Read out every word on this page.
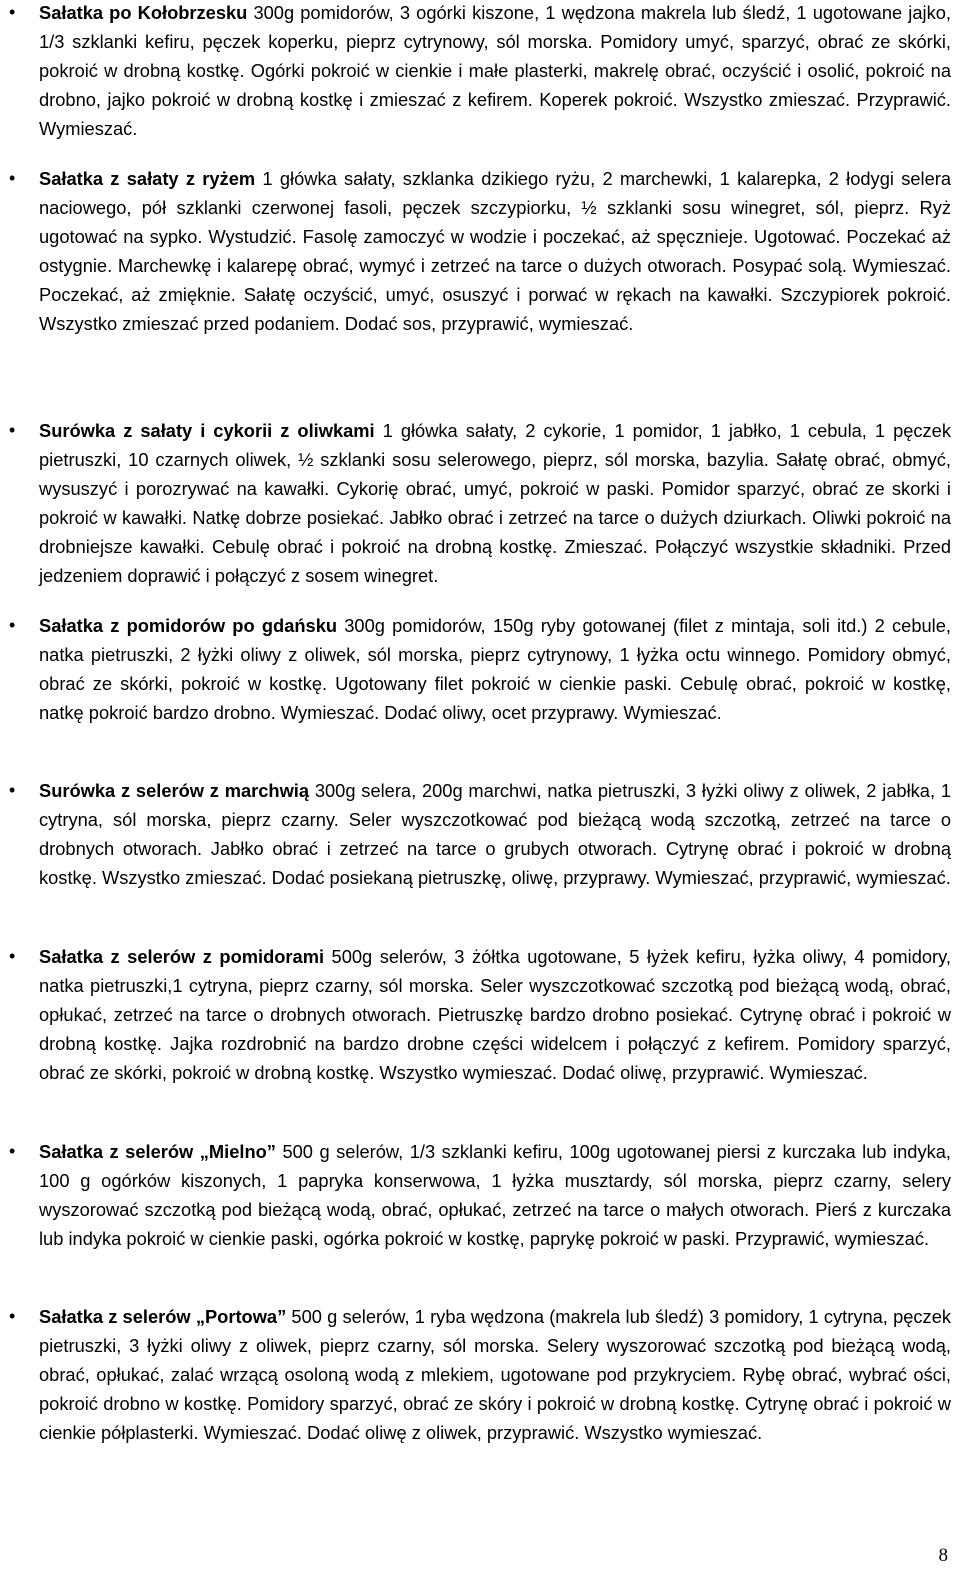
• Sałatka po Kołobrzesku 300g pomidorów, 3 ogórki kiszone, 1 wędzona makrela lub śledź, 1 ugotowane jajko, 1/3 szklanki kefiru, pęczek koperku, pieprz cytrynowy, sól morska. Pomidory umyć, sparzyć, obrać ze skórki, pokroić w drobną kostkę. Ogórki pokroić w cienkie i małe plasterki, makrelę obrać, oczyścić i osolić, pokroić na drobno, jajko pokroić w drobną kostkę i zmieszać z kefirem. Koperek pokroić. Wszystko zmieszać. Przyprawić. Wymieszać.
• Sałatka z sałaty z ryżem 1 główka sałaty, szklanka dzikiego ryżu, 2 marchewki, 1 kalarepka, 2 łodygi selera naciowego, pół szklanki czerwonej fasoli, pęczek szczypiorku, ½ szklanki sosu winegret, sól, pieprz. Ryż ugotować na sypko. Wystudzić. Fasolę zamoczyć w wodzie i poczekać, aż spęcznieje. Ugotować. Poczekać aż ostygnie. Marchewkę i kalarepę obrać, wymyć i zetrzeć na tarce o dużych otworach. Posypać solą. Wymieszać. Poczekać, aż zmięknie. Sałatę oczyścić, umyć, osuszyć i porwać w rękach na kawałki. Szczypiorek pokroić. Wszystko zmieszać przed podaniem. Dodać sos, przyprawić, wymieszać.
• Surówka z sałaty i cykorii z oliwkami 1 główka sałaty, 2 cykorie, 1 pomidor, 1 jabłko, 1 cebula, 1 pęczek pietruszki, 10 czarnych oliwek, ½ szklanki sosu selerowego, pieprz, sól morska, bazylia. Sałatę obrać, obmyć, wysuszyć i porozrywać na kawałki. Cykorię obrać, umyć, pokroić w paski. Pomidor sparzyć, obrać ze skorki i pokroić w kawałki. Natkę dobrze posiekać. Jabłko obrać i zetrzeć na tarce o dużych dziurkach. Oliwki pokroić na drobniejsze kawałki. Cebulę obrać i pokroić na drobną kostkę. Zmieszać. Połączyć wszystkie składniki. Przed jedzeniem doprawić i połączyć z sosem winegret.
• Sałatka z pomidorów po gdańsku 300g pomidorów, 150g ryby gotowanej (filet z mintaja, soli itd.) 2 cebule, natka pietruszki, 2 łyżki oliwy z oliwek, sól morska, pieprz cytrynowy, 1 łyżka octu winnego. Pomidory obmyć, obrać ze skórki, pokroić w kostkę. Ugotowany filet pokroić w cienkie paski. Cebulę obrać, pokroić w kostkę, natkę pokroić bardzo drobno. Wymieszać. Dodać oliwy, ocet przyprawy. Wymieszać.
• Surówka z selerów z marchwią 300g selera, 200g marchwi, natka pietruszki, 3 łyżki oliwy z oliwek, 2 jabłka, 1 cytryna, sól morska, pieprz czarny. Seler wyszczotkować pod bieżącą wodą szczotką, zetrzeć na tarce o drobnych otworach. Jabłko obrać i zetrzeć na tarce o grubych otworach. Cytrynę obrać i pokroić w drobną kostkę. Wszystko zmieszać. Dodać posiekaną pietruszkę, oliwę, przyprawy. Wymieszać, przyprawić, wymieszać.
• Sałatka z selerów z pomidorami 500g selerów, 3 żółtka ugotowane, 5 łyżek kefiru, łyżka oliwy, 4 pomidory, natka pietruszki,1 cytryna, pieprz czarny, sól morska. Seler wyszczotkować szczotką pod bieżącą wodą, obrać, opłukać, zetrzeć na tarce o drobnych otworach. Pietruszkę bardzo drobno posiekać. Cytrynę obrać i pokroić w drobną kostkę. Jajka rozdrobnić na bardzo drobne części widelcem i połączyć z kefirem. Pomidory sparzyć, obrać ze skórki, pokroić w drobną kostkę. Wszystko wymieszać. Dodać oliwę, przyprawić. Wymieszać.
• Sałatka z selerów „Mielno” 500 g selerów, 1/3 szklanki kefiru, 100g ugotowanej piersi z kurczaka lub indyka, 100 g ogórków kiszonych, 1 papryka konserwowa, 1 łyżka musztardy, sól morska, pieprz czarny, selery wyszorować szczotką pod bieżącą wodą, obrać, opłukać, zetrzeć na tarce o małych otworach. Pierś z kurczaka lub indyka pokroić w cienkie paski, ogórka pokroić w kostkę, paprykę pokroić w paski. Przyprawić, wymieszać.
• Sałatka z selerów „Portowa” 500 g selerów, 1 ryba wędzona (makrela lub śledź) 3 pomidory, 1 cytryna, pęczek pietruszki, 3 łyżki oliwy z oliwek, pieprz czarny, sól morska. Selery wyszorować szczotką pod bieżącą wodą, obrać, opłukać, zalać wrzącą osoloną wodą z mlekiem, ugotowane pod przykryciem. Rybę obrać, wybrać ości, pokroić drobno w kostkę. Pomidory sparzyć, obrać ze skóry i pokroić w drobną kostkę. Cytrynę obrać i pokroić w cienkie półplasterki. Wymieszać. Dodać oliwę z oliwek, przyprawić. Wszystko wymieszać.
8
